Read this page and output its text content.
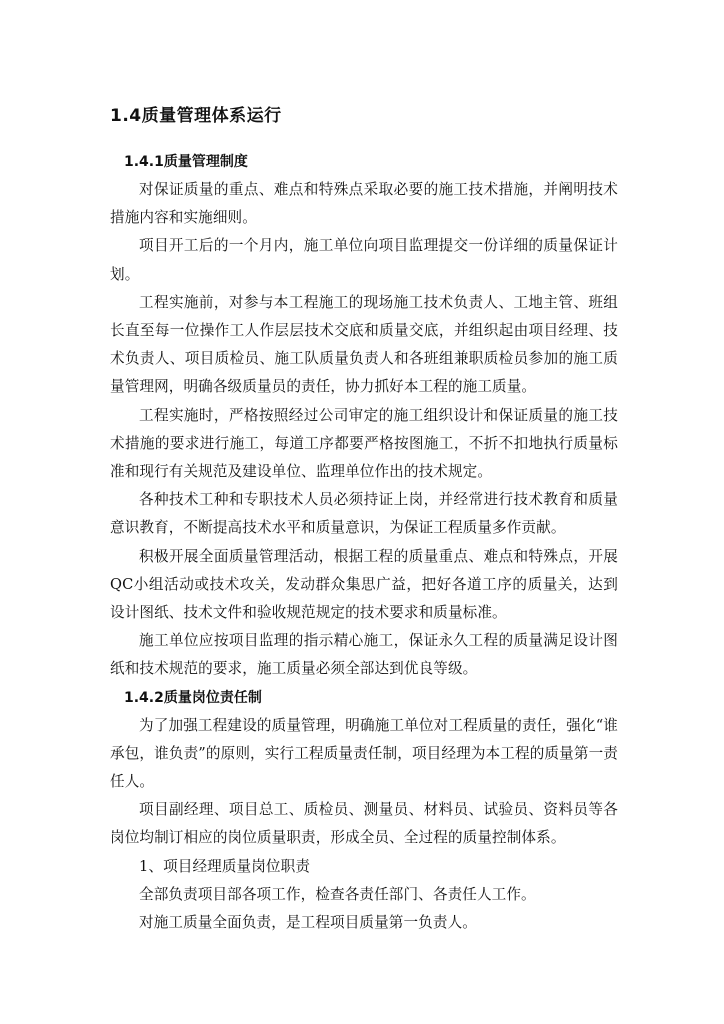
1.4质量管理体系运行
1.4.1质量管理制度

对保证质量的重点、难点和特殊点采取必要的施工技术措施，并阐明技术措施内容和实施细则。

项目开工后的一个月内，施工单位向项目监理提交一份详细的质量保证计划。

工程实施前，对参与本工程施工的现场施工技术负责人、工地主管、班组长直至每一位操作工人作层层技术交底和质量交底，并组织起由项目经理、技术负责人、项目质检员、施工队质量负责人和各班组兼职质检员参加的施工质量管理网，明确各级质量员的责任，协力抓好本工程的施工质量。

工程实施时，严格按照经过公司审定的施工组织设计和保证质量的施工技术措施的要求进行施工，每道工序都要严格按图施工，不折不扣地执行质量标准和现行有关规范及建设单位、监理单位作出的技术规定。

各种技术工种和专职技术人员必须持证上岗，并经常进行技术教育和质量意识教育，不断提高技术水平和质量意识，为保证工程质量多作贡献。

积极开展全面质量管理活动，根据工程的质量重点、难点和特殊点，开展QC小组活动或技术攻关，发动群众集思广益，把好各道工序的质量关，达到设计图纸、技术文件和验收规范规定的技术要求和质量标准。

施工单位应按项目监理的指示精心施工，保证永久工程的质量满足设计图纸和技术规范的要求，施工质量必须全部达到优良等级。

1.4.2质量岗位责任制

为了加强工程建设的质量管理，明确施工单位对工程质量的责任，强化“谁承包，谁负责”的原则，实行工程质量责任制，项目经理为本工程的质量第一责任人。

项目副经理、项目总工、质检员、测量员、材料员、试验员、资料员等各岗位均制订相应的岗位质量职责，形成全员、全过程的质量控制体系。

1、项目经理质量岗位职责

全部负责项目部各项工作，检查各责任部门、各责任人工作。

对施工质量全面负责，是工程项目质量第一负责人。
